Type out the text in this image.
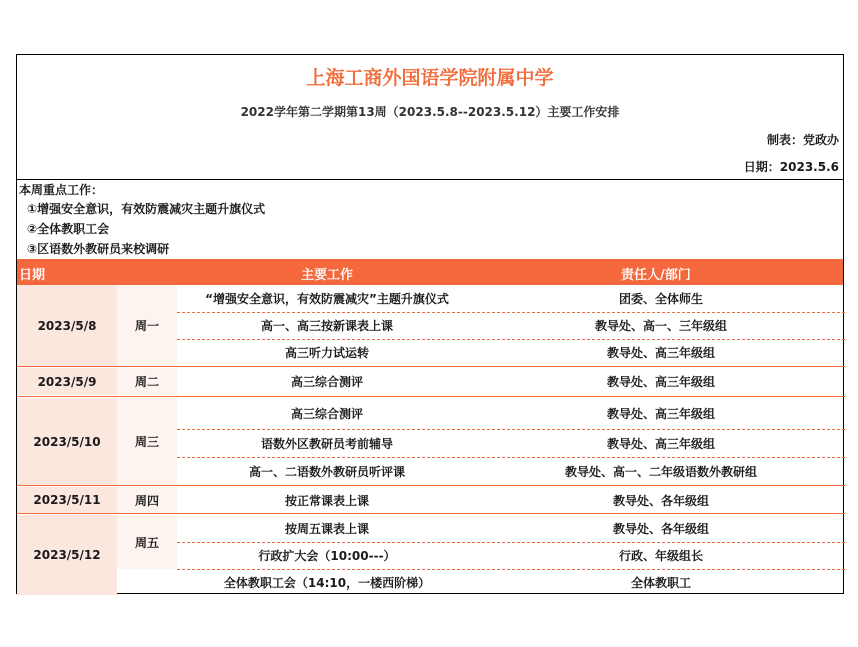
上海工商外国语学院附属中学
2022学年第二学期第13周（2023.5.8--2023.5.12）主要工作安排
制表：党政办
日期：2023.5.6
本周重点工作：
①增强安全意识，有效防震减灾主题升旗仪式
②全体教职工会
③区语数外教研员来校调研
日期	主要工作	责任人/部门
2023/5/8	周一
“增强安全意识，有效防震减灾”主题升旗仪式	团委、全体师生
高一、高三按新课表上课	教导处、高一、三年级组
高三听力试运转	教导处、高三年级组
2023/5/9	周二	高三综合测评	教导处、高三年级组
2023/5/10	周三
高三综合测评	教导处、高三年级组
语数外区教研员考前辅导	教导处、高三年级组
高一、二语数外教研员听评课	教导处、高一、二年级语数外教研组
2023/5/11	周四	按正常课表上课	教导处、各年级组
2023/5/12
周五
按周五课表上课	教导处、各年级组
行政扩大会（10:00---）	行政、年级组长
全体教职工会（14:10，一楼西阶梯）	全体教职工
